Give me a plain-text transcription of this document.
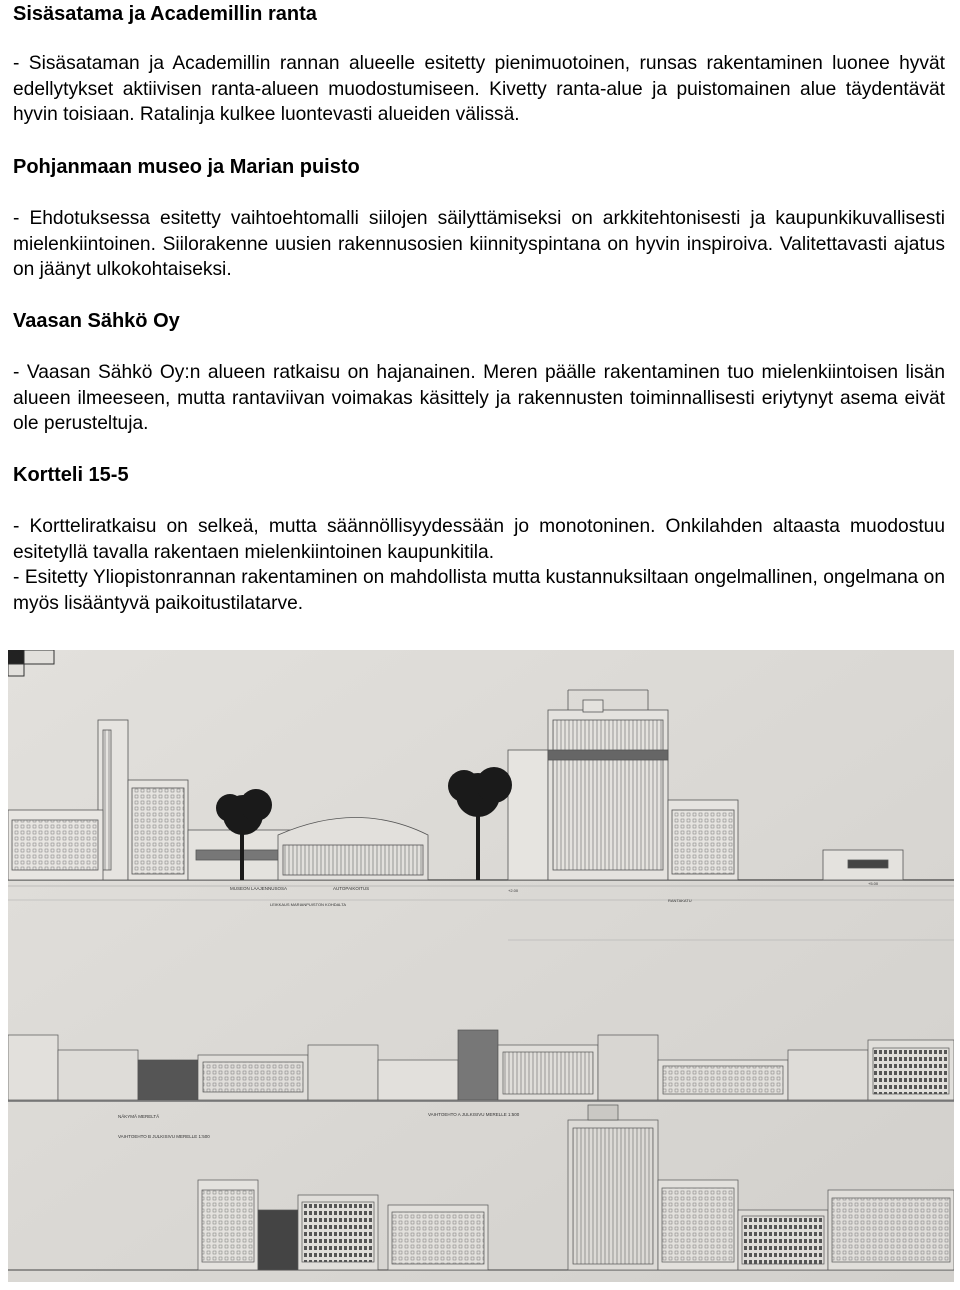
Sisäsatama ja Academillin ranta

- Sisäsataman ja Academillin rannan alueelle esitetty pienimuotoinen, runsas rakentaminen luonee hyvät edellytykset aktiivisen ranta-alueen muodostumiseen. Kivetty ranta-alue ja puistomainen alue täydentävät hyvin toisiaan. Ratalinja kulkee luontevasti alueiden välissä.

Pohjanmaan museo ja Marian puisto

- Ehdotuksessa esitetty vaihtoehtomalli siilojen säilyttämiseksi on arkkitehtonisesti ja kaupunkikuvallisesti mielenkiintoinen. Siilorakenne uusien rakennusosien kiinnityspintana on hyvin inspiroiva. Valitettavasti ajatus on jäänyt ulkokohtaiseksi.

Vaasan Sähkö Oy

- Vaasan Sähkö Oy:n alueen ratkaisu on hajanainen. Meren päälle rakentaminen tuo mielenkiintoisen lisän alueen ilmeeseen, mutta rantaviivan voimakas käsittely ja rakennusten toiminnallisesti eriytynyt asema eivät ole perusteltuja.

Kortteli 15-5

- Kortteliratkaisu on selkeä, mutta säännöllisyydessään jo monotoninen. Onkilahden altaasta muodostuu esitetyllä tavalla rakentaen mielenkiintoinen kaupunkitila.

- Esitetty Yliopistonrannan rakentaminen on mahdollista mutta kustannuksiltaan ongelmallinen, ongelmana on myös lisääntyvä paikoitustilatarve.

MUSEON LAAJENNUSOSA	AUTOPAIKOITUS
LEIKKAUS MARIANPUISTON KOHDALTA
+2.00
+5.00
RANTAKATU
NÄKYMÄ MERELTÄ	VAIHTOEHTO A JULKISIVU MERELLE 1:500
VAIHTOEHTO B JULKISIVU MERELLE 1:500
